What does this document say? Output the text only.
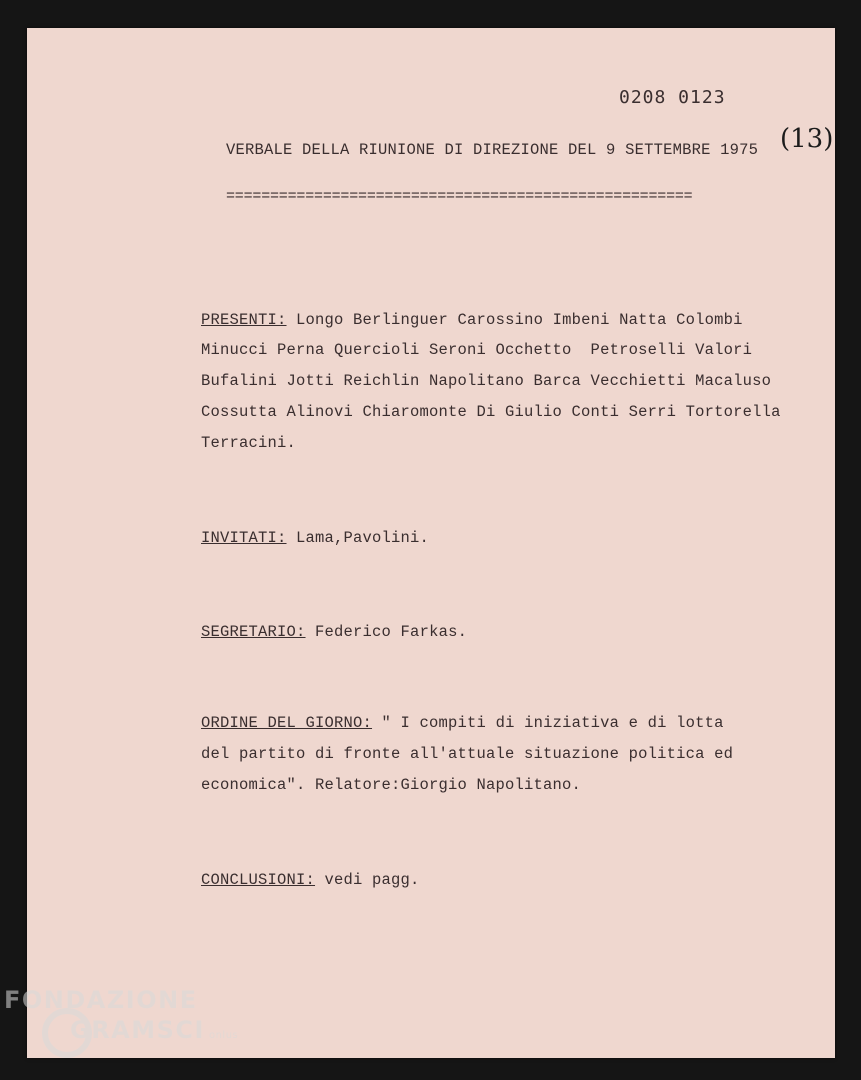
0208 0123
(13)
VERBALE DELLA RIUNIONE DI DIREZIONE DEL 9 SETTEMBRE 1975
=====================================================
PRESENTI: Longo Berlinguer Carossino Imbeni Natta Colombi
Minucci Perna Quercioli Seroni Occhetto  Petroselli Valori
Bufalini Jotti Reichlin Napolitano Barca Vecchietti Macaluso
Cossutta Alinovi Chiaromonte Di Giulio Conti Serri Tortorella
Terracini.
INVITATI: Lama,Pavolini.
SEGRETARIO: Federico Farkas.
ORDINE DEL GIORNO: " I compiti di iniziativa e di lotta
del partito di fronte all'attuale situazione politica ed
economica". Relatore:Giorgio Napolitano.
CONCLUSIONI: vedi pagg.
FONDAZIONE
GRAMSCI onlus
